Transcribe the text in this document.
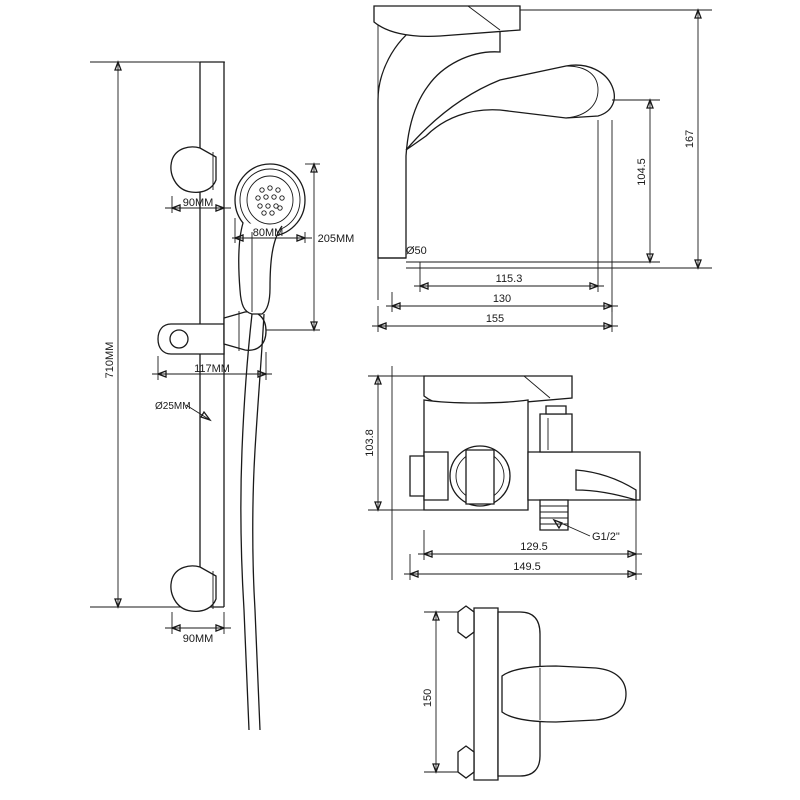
710MM
90MM
80MM	205MM
117MM
Ø25MM
90MM
Ø50
167
104.5
115.3
130
155
103.8
G1/2"
129.5
149.5
150
